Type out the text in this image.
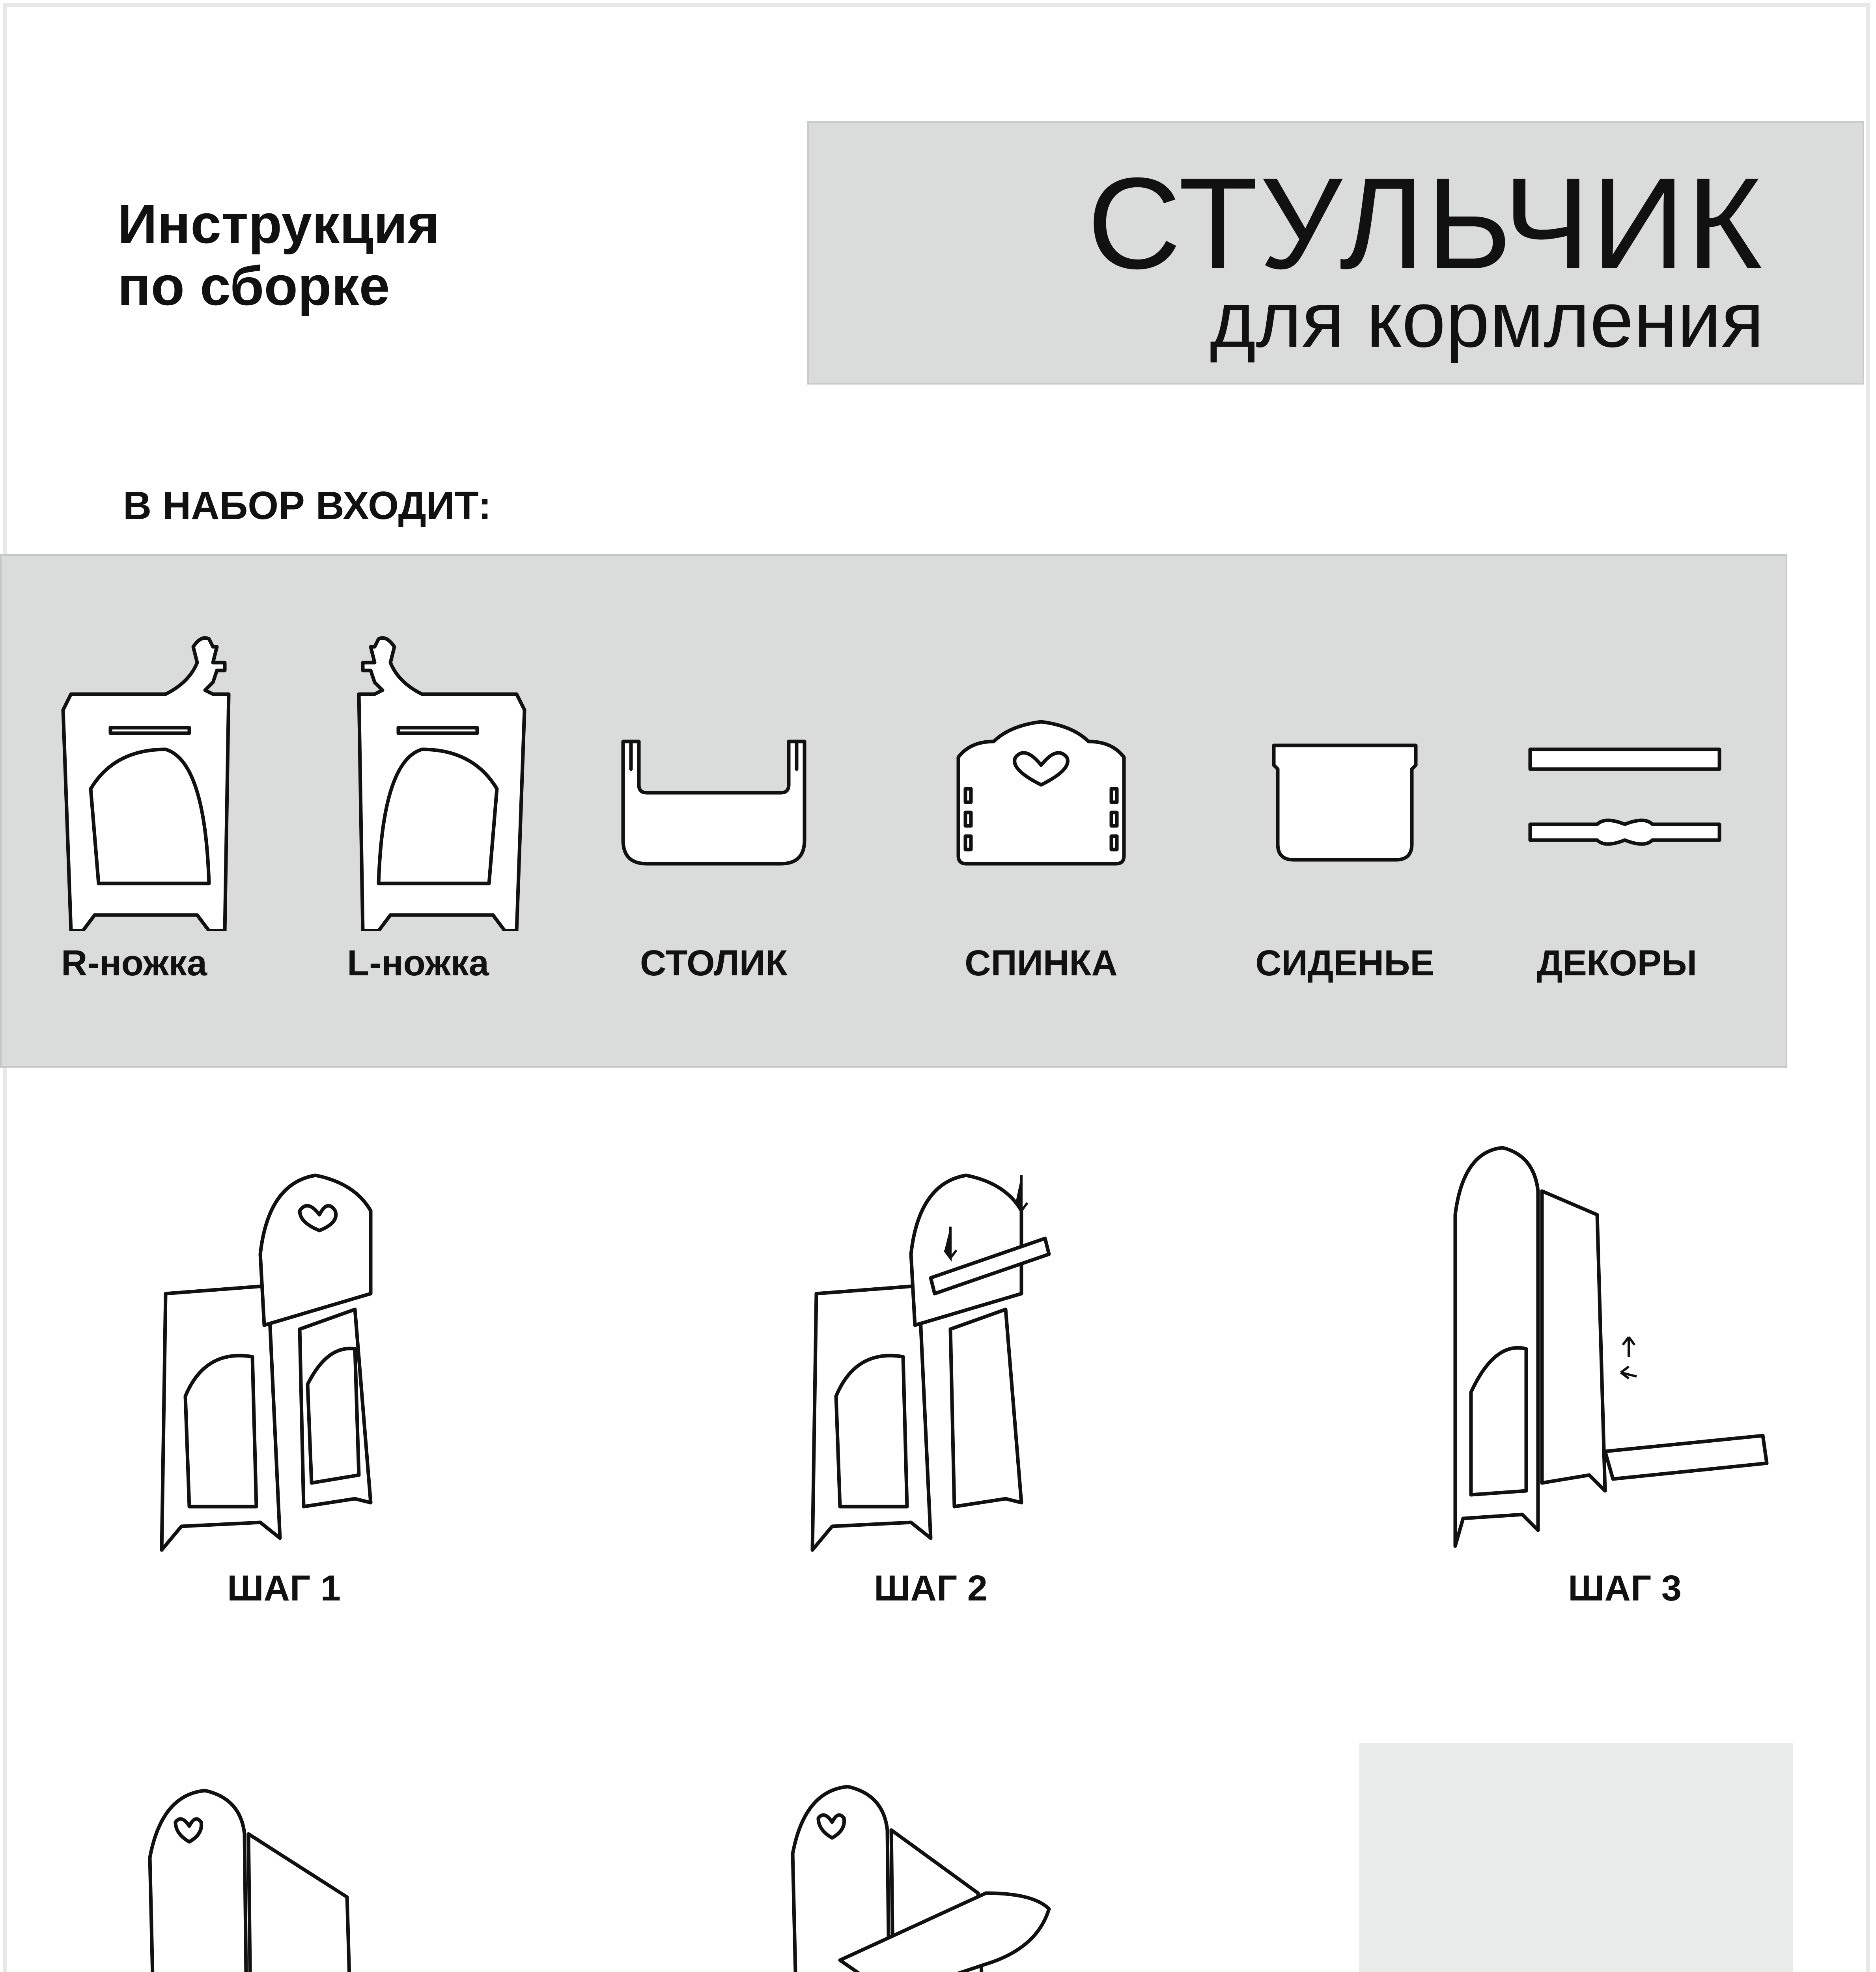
Инструкция
по сборке	СТУЛЬЧИК
для кормления
В НАБОР ВХОДИТ:
R-ножка	L-ножка	СТОЛИК	СПИНКА	СИДЕНЬЕ	ДЕКОРЫ
ШАГ 1	ШАГ 2	ШАГ 3
